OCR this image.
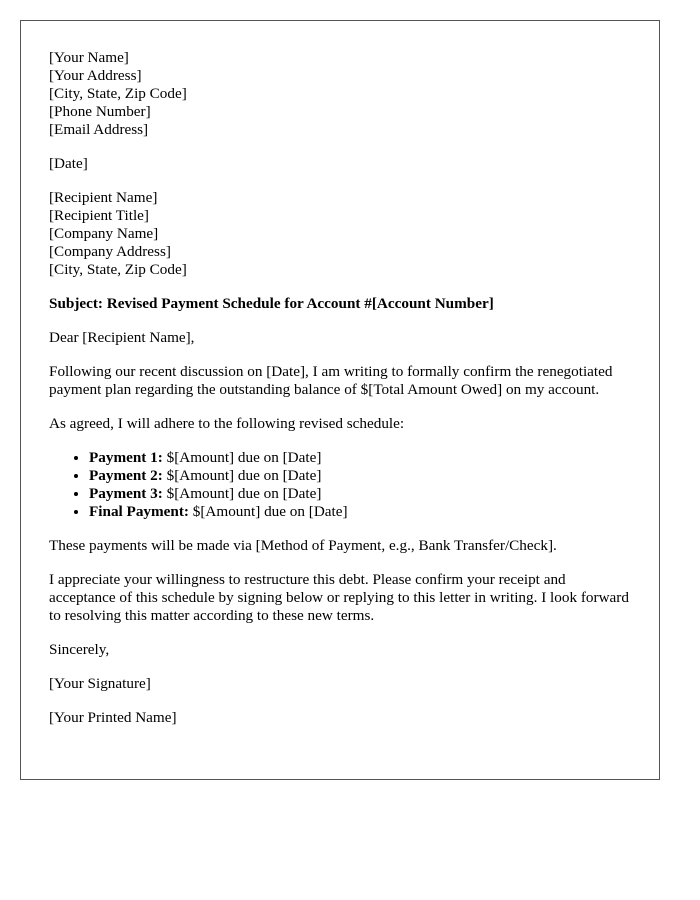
[Your Name]
[Your Address]
[City, State, Zip Code]
[Phone Number]
[Email Address]
[Date]
[Recipient Name]
[Recipient Title]
[Company Name]
[Company Address]
[City, State, Zip Code]

Subject: Revised Payment Schedule for Account #[Account Number]

Dear [Recipient Name],

Following our recent discussion on [Date], I am writing to formally confirm the renegotiated payment plan regarding the outstanding balance of $[Total Amount Owed] on my account.

As agreed, I will adhere to the following revised schedule:

• Payment 1: $[Amount] due on [Date]
• Payment 2: $[Amount] due on [Date]
• Payment 3: $[Amount] due on [Date]
• Final Payment: $[Amount] due on [Date]

These payments will be made via [Method of Payment, e.g., Bank Transfer/Check].

I appreciate your willingness to restructure this debt. Please confirm your receipt and acceptance of this schedule by signing below or replying to this letter in writing. I look forward to resolving this matter according to these new terms.

Sincerely,

[Your Signature]

[Your Printed Name]
